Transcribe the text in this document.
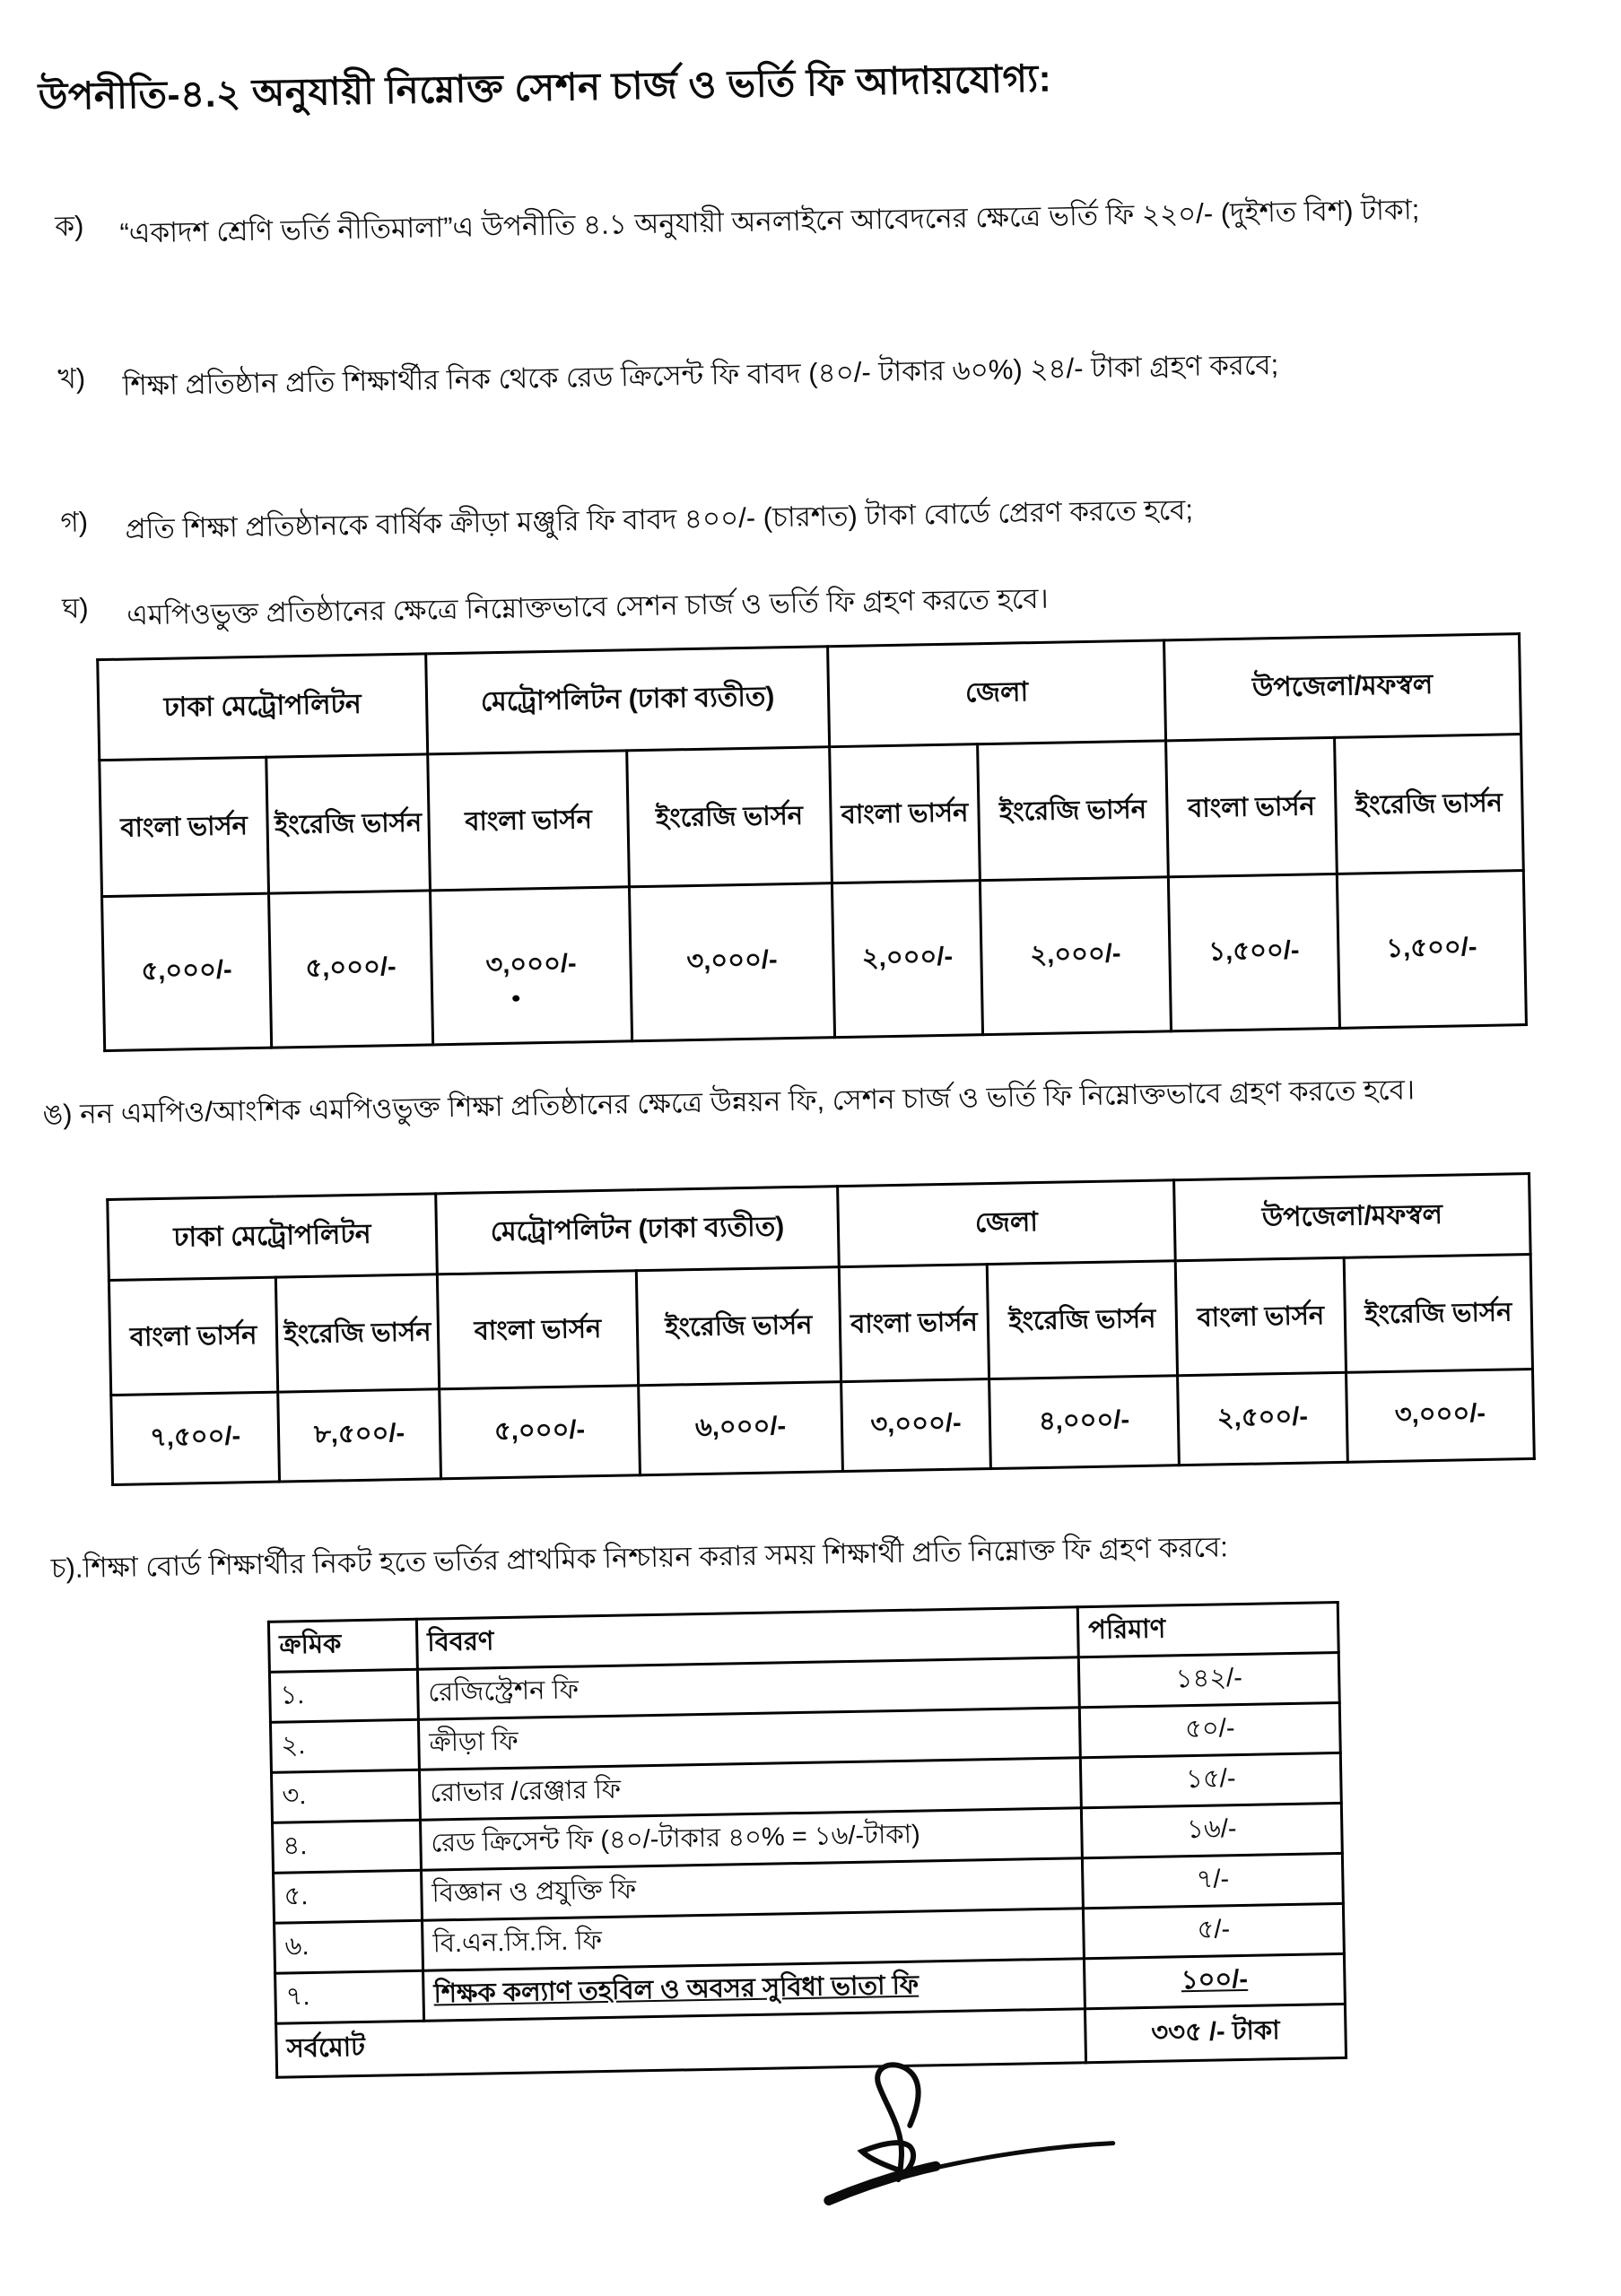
উপনীতি-৪.২ অনুযায়ী নিম্নোক্ত সেশন চার্জ ও ভর্তি ফি আদায়যোগ্য:
ক) “একাদশ শ্রেণি ভর্তি নীতিমালা”এ উপনীতি ৪.১ অনুযায়ী অনলাইনে আবেদনের ক্ষেত্রে ভর্তি ফি ২২০/- (দুইশত বিশ) টাকা;
খ) শিক্ষা প্রতিষ্ঠান প্রতি শিক্ষার্থীর নিক থেকে রেড ক্রিসেন্ট ফি বাবদ (৪০/- টাকার ৬০%) ২৪/- টাকা গ্রহণ করবে;
গ) প্রতি শিক্ষা প্রতিষ্ঠানকে বার্ষিক ক্রীড়া মঞ্জুরি ফি বাবদ ৪০০/- (চারশত) টাকা বোর্ডে প্রেরণ করতে হবে;
ঘ) এমপিওভুক্ত প্রতিষ্ঠানের ক্ষেত্রে নিম্নোক্তভাবে সেশন চার্জ ও ভর্তি ফি গ্রহণ করতে হবে।
ঢাকা মেট্রোপলিটন		মেট্রোপলিটন (ঢাকা ব্যতীত)		জেলা		উপজেলা/মফস্বল	
বাংলা ভার্সন	ইংরেজি ভার্সন	বাংলা ভার্সন	ইংরেজি ভার্সন	বাংলা ভার্সন	ইংরেজি ভার্সন	বাংলা ভার্সন	ইংরেজি ভার্সন
৫,০০০/-	৫,০০০/-	৩,০০০/-	৩,০০০/-	২,০০০/-	২,০০০/-	১,৫০০/-	১,৫০০/-
ঙ) নন এমপিও/আংশিক এমপিওভুক্ত শিক্ষা প্রতিষ্ঠানের ক্ষেত্রে উন্নয়ন ফি, সেশন চার্জ ও ভর্তি ফি নিম্নোক্তভাবে গ্রহণ করতে হবে।
ঢাকা মেট্রোপলিটন		মেট্রোপলিটন (ঢাকা ব্যতীত)		জেলা		উপজেলা/মফস্বল	
বাংলা ভার্সন	ইংরেজি ভার্সন	বাংলা ভার্সন	ইংরেজি ভার্সন	বাংলা ভার্সন	ইংরেজি ভার্সন	বাংলা ভার্সন	ইংরেজি ভার্সন
৭,৫০০/-	৮,৫০০/-	৫,০০০/-	৬,০০০/-	৩,০০০/-	৪,০০০/-	২,৫০০/-	৩,০০০/-
চ).শিক্ষা বোর্ড শিক্ষার্থীর নিকট হতে ভর্তির প্রাথমিক নিশ্চায়ন করার সময় শিক্ষার্থী প্রতি নিম্নোক্ত ফি গ্রহণ করবে:
ক্রমিক	বিবরণ	পরিমাণ
১.	রেজিস্ট্রেশন ফি	১৪২/-
২.	ক্রীড়া ফি	৫০/-
৩.	রোভার /রেঞ্জার ফি	১৫/-
৪.	রেড ক্রিসেন্ট ফি (৪০/-টাকার ৪০% = ১৬/-টাকা)	১৬/-
৫.	বিজ্ঞান ও প্রযুক্তি ফি	৭/-
৬.	বি.এন.সি.সি. ফি	৫/-
৭.	শিক্ষক কল্যাণ তহবিল ও অবসর সুবিধা ভাতা ফি	১০০/-
সর্বমোট		৩৩৫ /- টাকা
